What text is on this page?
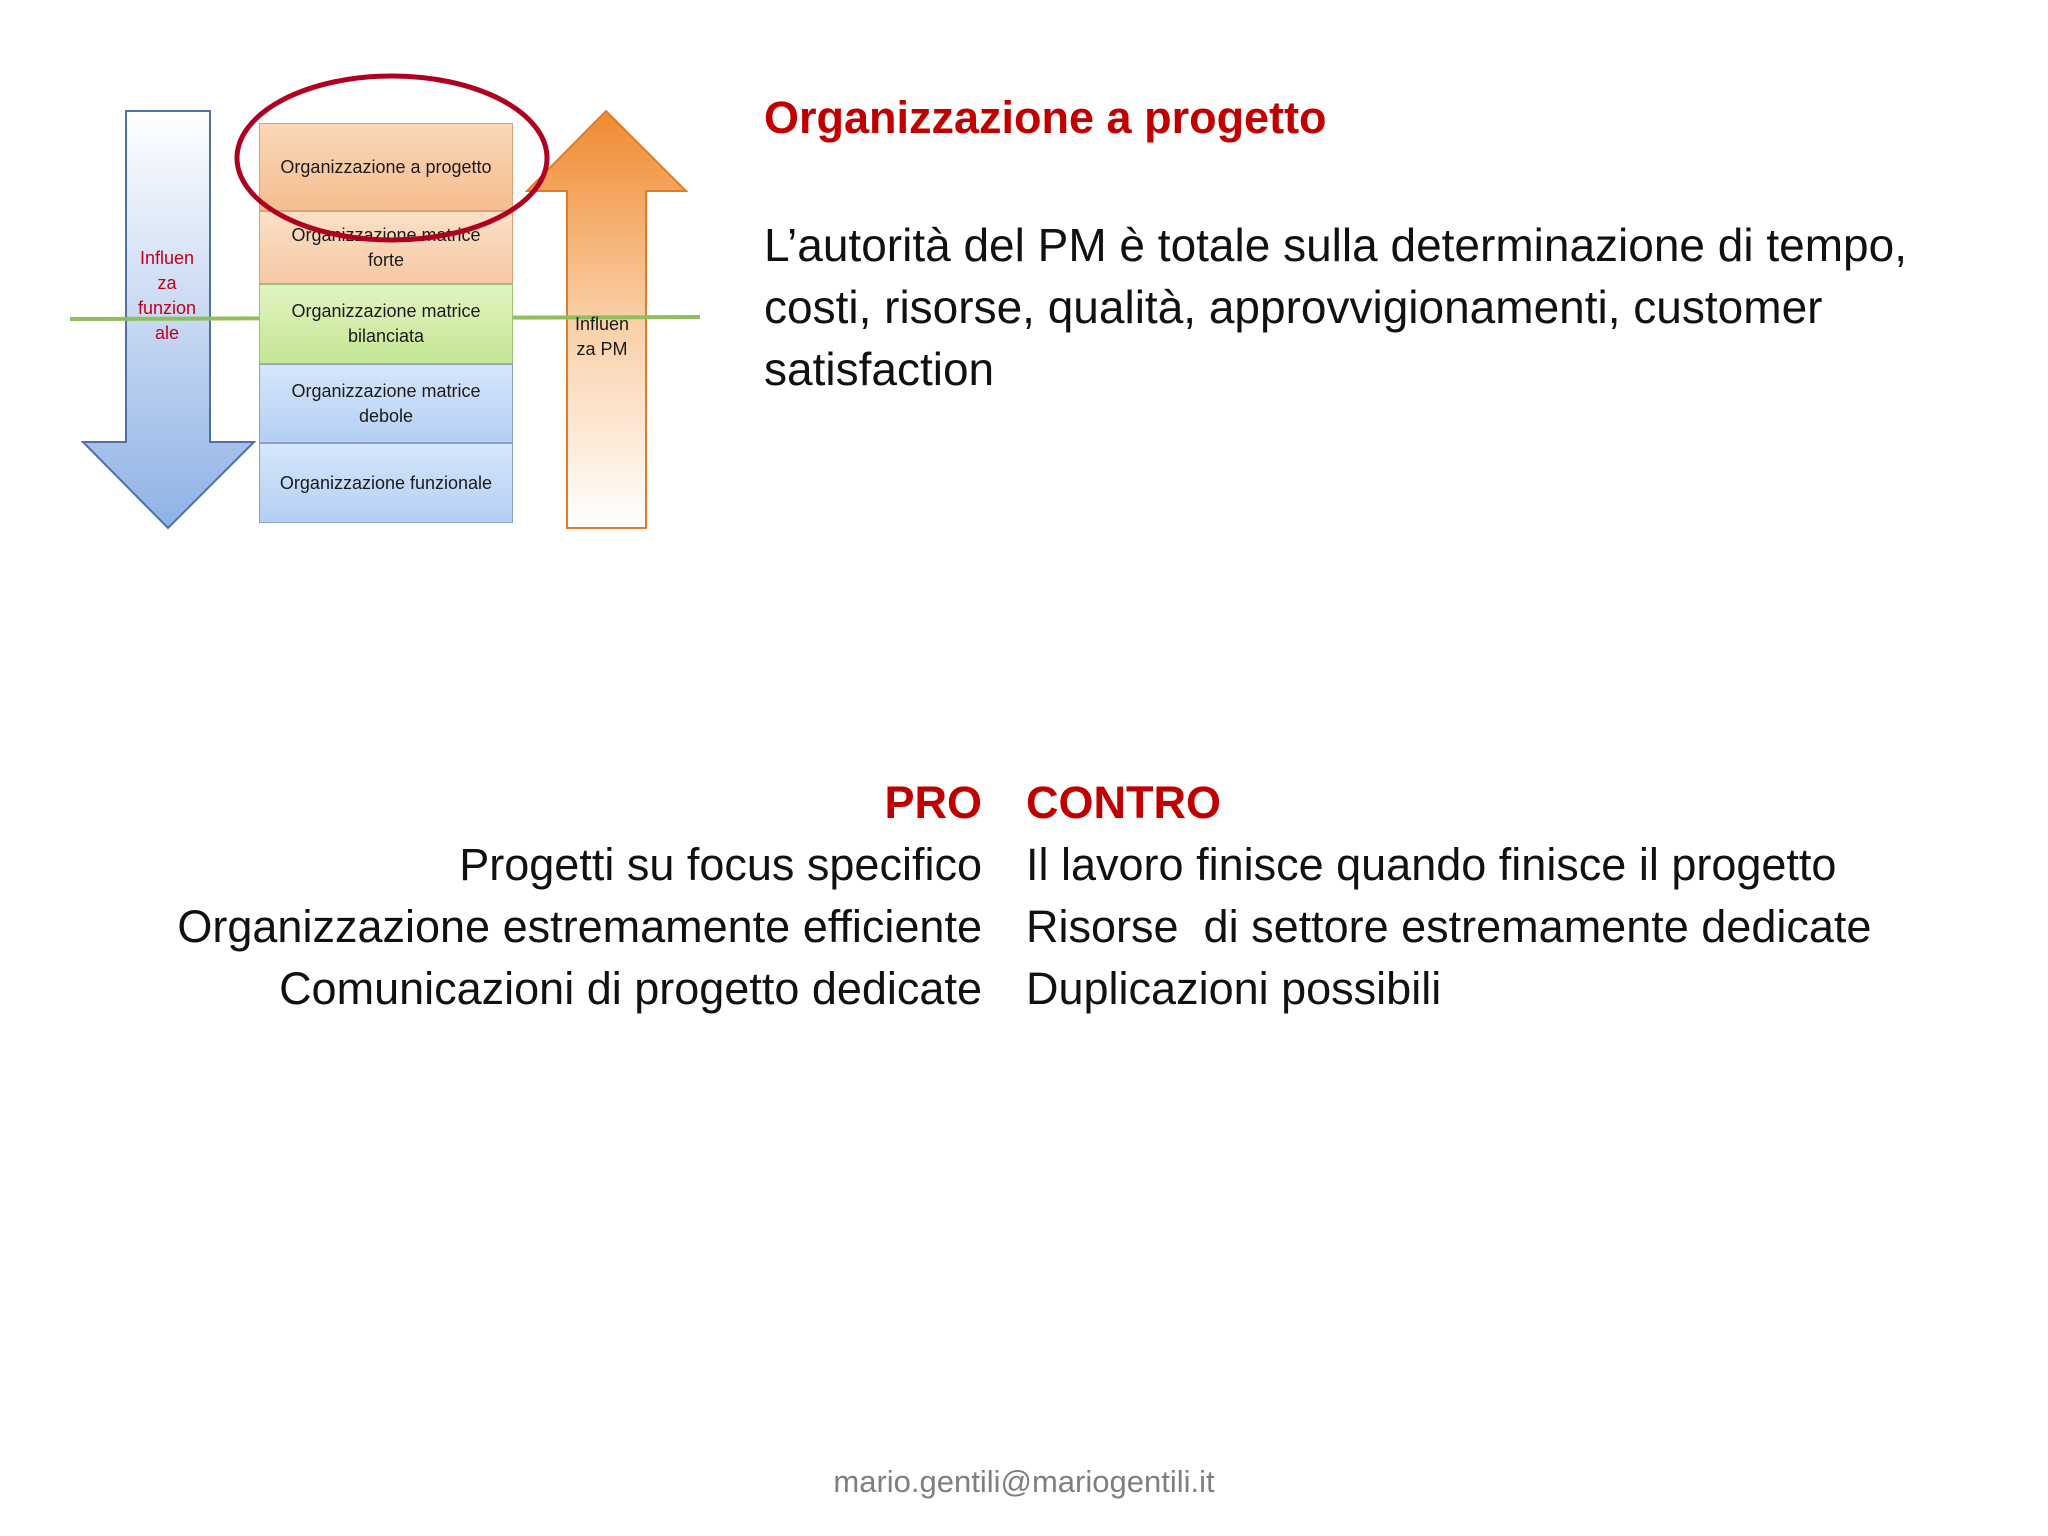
Organizzazione a progetto
Organizzazione matrice forte
Organizzazione matrice bilanciata
Organizzazione matrice debole
Organizzazione funzionale
Influen
za
funzion
ale	Influen
za PM
Organizzazione a progetto
L’autorità del PM è totale sulla determinazione di tempo, costi, risorse, qualità, approvvigionamenti, customer satisfaction
PRO
Progetti su focus specifico
Organizzazione estremamente efficiente
Comunicazioni di progetto dedicate
CONTRO
Il lavoro finisce quando finisce il progetto
Risorse  di settore estremamente dedicate
Duplicazioni possibili
mario.gentili@mariogentili.it
